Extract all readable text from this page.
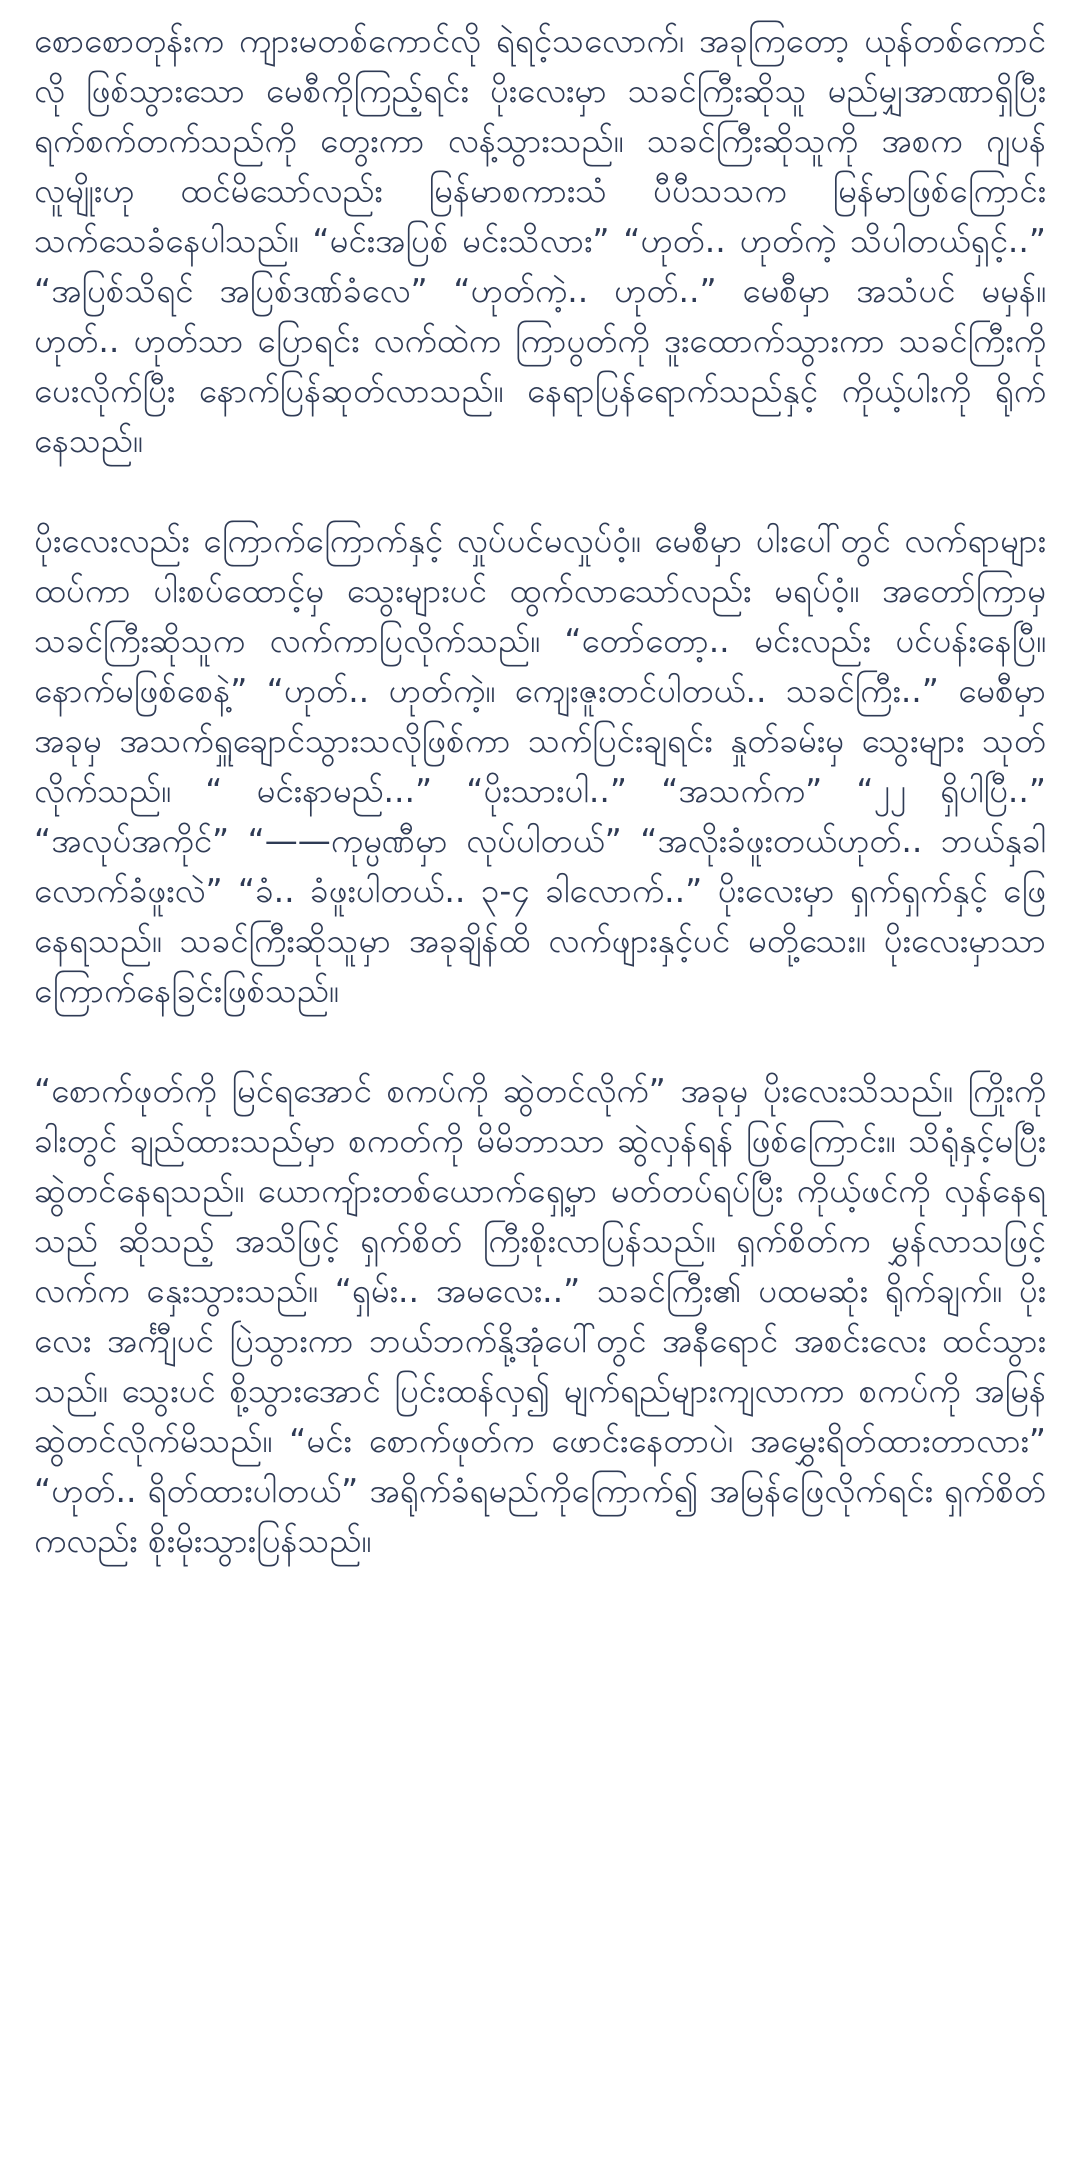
စောစောတုန်းက ကျားမတစ်ကောင်လို ရဲရင့်သလောက်၊ အခုကြတော့ ယုန်တစ်ကောင်လို ဖြစ်သွားသော မေစီကိုကြည့်ရင်း ပိုးလေးမှာ သခင်ကြီးဆိုသူ မည်မျှအာဏာရှိပြီး ရက်စက်တက်သည်ကို တွေးကာ လန့်သွားသည်။ သခင်ကြီးဆိုသူကို အစက ဂျပန်လူမျိုးဟု ထင်မိသော်လည်း မြန်မာစကားသံ ပီပီသသက မြန်မာဖြစ်ကြောင်း သက်သေခံနေပါသည်။ “မင်းအပြစ် မင်းသိလား” “ဟုတ်.. ဟုတ်ကဲ့ သိပါတယ်ရှင့်..” “အပြစ်သိရင် အပြစ်ဒဏ်ခံလေ” “ဟုတ်ကဲ့.. ဟုတ်..” မေစီမှာ အသံပင် မမှန်။ ဟုတ်.. ဟုတ်သာ ပြောရင်း လက်ထဲက ကြာပွတ်ကို ဒူးထောက်သွားကာ သခင်ကြီးကို ပေးလိုက်ပြီး နောက်ပြန်ဆုတ်လာသည်။ နေရာပြန်ရောက်သည်နှင့် ကိုယ့်ပါးကို ရိုက်နေသည်။

ပိုးလေးလည်း ကြောက်ကြောက်နှင့် လှုပ်ပင်မလှုပ်ဝံ့။ မေစီမှာ ပါးပေါ်တွင် လက်ရာများထပ်ကာ ပါးစပ်ထောင့်မှ သွေးများပင် ထွက်လာသော်လည်း မရပ်ဝံ့။ အတော်ကြာမှ သခင်ကြီးဆိုသူက လက်ကာပြလိုက်သည်။ “တော်တော့.. မင်းလည်း ပင်ပန်းနေပြီ။ နောက်မဖြစ်စေနဲ့” “ဟုတ်.. ဟုတ်ကဲ့။ ကျေးဇူးတင်ပါတယ်.. သခင်ကြီး..” မေစီမှာ အခုမှ အသက်ရှူချောင်သွားသလိုဖြစ်ကာ သက်ပြင်းချရင်း နှုတ်ခမ်းမှ သွေးများ သုတ်လိုက်သည်။ “ မင်းနာမည်...” “ပိုးသားပါ..” “အသက်က” “၂၂ ရှိပါပြီ..” “အလုပ်အကိုင်” “——ကုမ္ပဏီမှာ လုပ်ပါတယ်” “အလိုးခံဖူးတယ်ဟုတ်.. ဘယ်နှခါလောက်ခံဖူးလဲ” “ခံ.. ခံဖူးပါတယ်.. ၃-၄ ခါလောက်..” ပိုးလေးမှာ ရှက်ရှက်နှင့် ဖြေနေရသည်။ သခင်ကြီးဆိုသူမှာ အခုချိန်ထိ လက်ဖျားနှင့်ပင် မတို့သေး။ ပိုးလေးမှာသာ ကြောက်နေခြင်းဖြစ်သည်။

“စောက်ဖုတ်ကို မြင်ရအောင် စကပ်ကို ဆွဲတင်လိုက်” အခုမှ ပိုးလေးသိသည်။ ကြိုးကို ခါးတွင် ချည်ထားသည်မှာ စကတ်ကို မိမိဘာသာ ဆွဲလှန်ရန် ဖြစ်ကြောင်း။ သိရုံနှင့်မပြီး ဆွဲတင်နေရသည်။ ယောကျ်ားတစ်ယောက်ရှေ့မှာ မတ်တပ်ရပ်ပြီး ကိုယ့်ဖင်ကို လှန်နေရသည် ဆိုသည့် အသိဖြင့် ရှက်စိတ် ကြီးစိုးလာပြန်သည်။ ရှက်စိတ်က မွှန်လာသဖြင့် လက်က နှေးသွားသည်။ “ရှမ်း.. အမလေး..” သခင်ကြီး၏ ပထမဆုံး ရိုက်ချက်။ ပိုးလေး အင်္ကျီပင် ပြဲသွားကာ ဘယ်ဘက်နို့အုံပေါ်တွင် အနီရောင် အစင်းလေး ထင်သွားသည်။ သွေးပင် စို့သွားအောင် ပြင်းထန်လှ၍ မျက်ရည်များကျလာကာ စကပ်ကို အမြန်ဆွဲတင်လိုက်မိသည်။ “မင်း စောက်ဖုတ်က ဖောင်းနေတာပဲ၊ အမွှေးရိတ်ထားတာလား” “ဟုတ်.. ရိတ်ထားပါတယ်” အရိုက်ခံရမည်ကိုကြောက်၍ အမြန်ဖြေလိုက်ရင်း ရှက်စိတ်ကလည်း စိုးမိုးသွားပြန်သည်။
